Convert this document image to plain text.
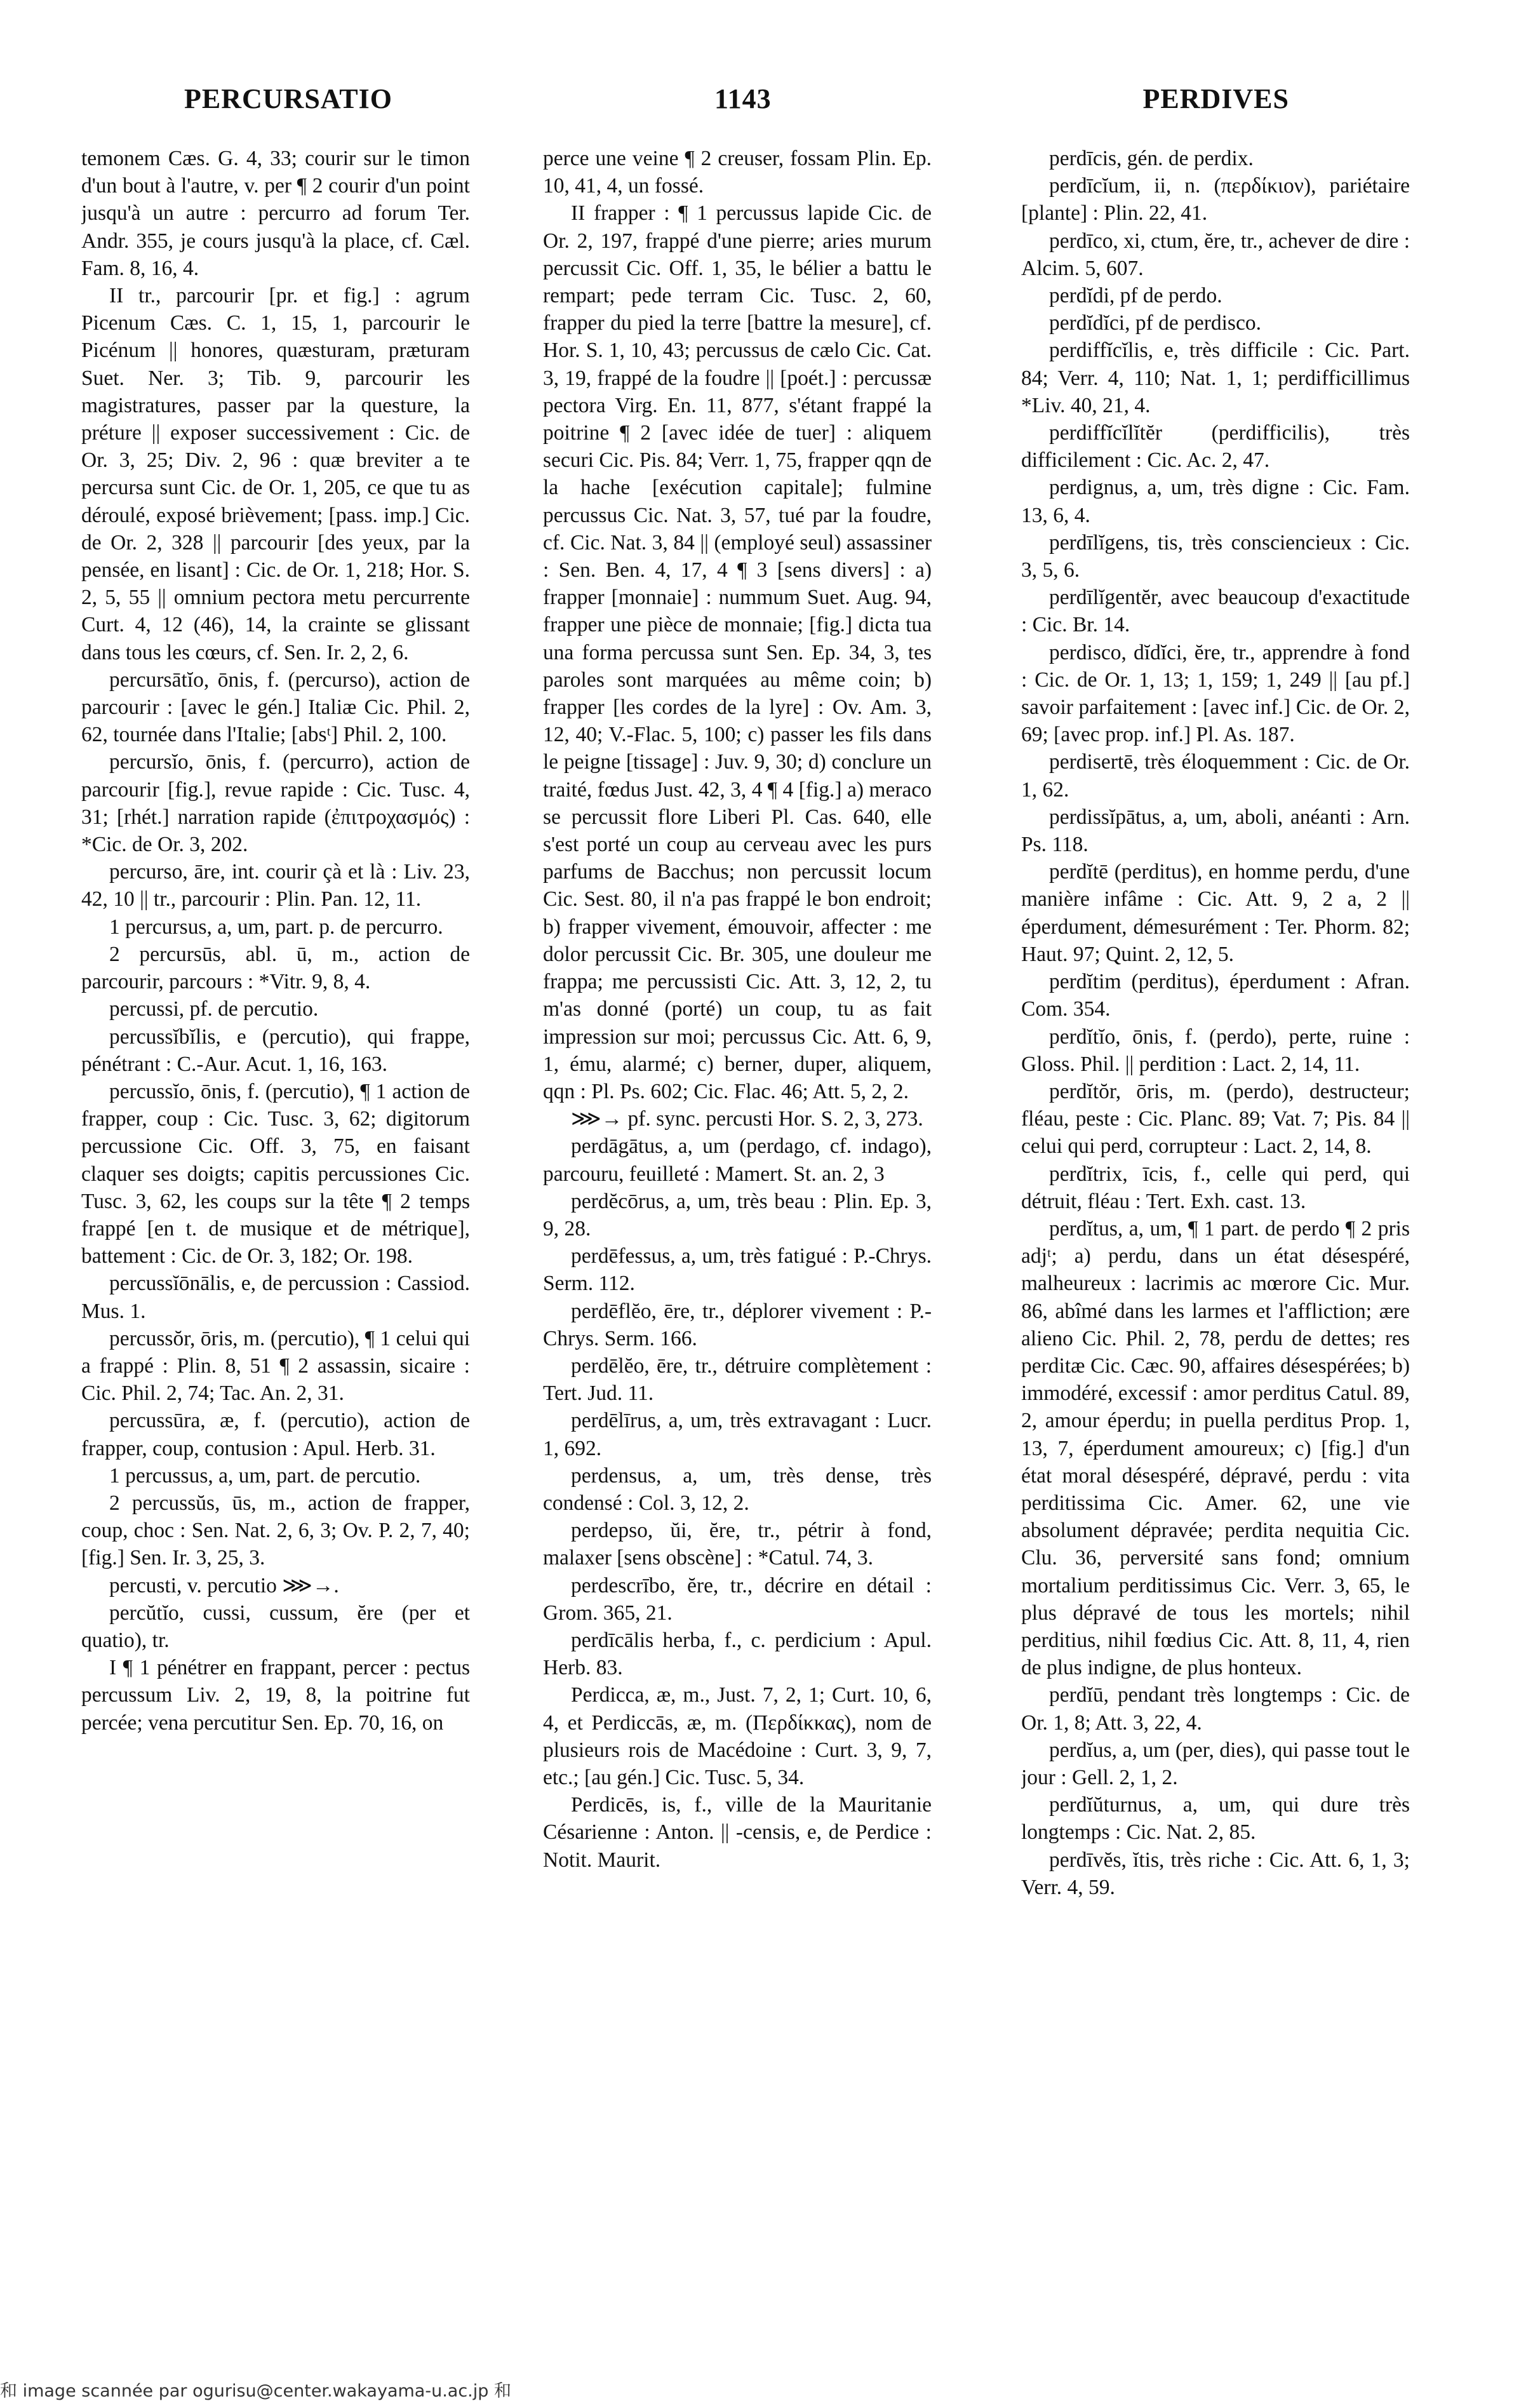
PERCURSATIO	1143	PERDIVES

temonem Cæs. G. 4, 33; courir sur le timon d'un bout à l'autre, v. per ¶ 2 courir d'un point jusqu'à un autre : percurro ad forum Ter. Andr. 355, je cours jusqu'à la place, cf. Cæl. Fam. 8, 16, 4.

II tr., parcourir [pr. et fig.] : agrum Picenum Cæs. C. 1, 15, 1, parcourir le Picénum || honores, quæsturam, præturam Suet. Ner. 3; Tib. 9, parcourir les magistratures, passer par la questure, la préture || exposer successivement : Cic. de Or. 3, 25; Div. 2, 96 : quæ breviter a te percursa sunt Cic. de Or. 1, 205, ce que tu as déroulé, exposé brièvement; [pass. imp.] Cic. de Or. 2, 328 || parcourir [des yeux, par la pensée, en lisant] : Cic. de Or. 1, 218; Hor. S. 2, 5, 55 || omnium pectora metu percurrente Curt. 4, 12 (46), 14, la crainte se glissant dans tous les cœurs, cf. Sen. Ir. 2, 2, 6.

percursātĭo, ōnis, f. (percurso), action de parcourir : [avec le gén.] Italiæ Cic. Phil. 2, 62, tournée dans l'Italie; [absᵗ] Phil. 2, 100.

percursĭo, ōnis, f. (percurro), action de parcourir [fig.], revue rapide : Cic. Tusc. 4, 31; [rhét.] narration rapide (ἐπιτροχασμός) : *Cic. de Or. 3, 202.

percurso, āre, int. courir çà et là : Liv. 23, 42, 10 || tr., parcourir : Plin. Pan. 12, 11.

1 percursus, a, um, part. p. de percurro.

2 percursūs, abl. ū, m., action de parcourir, parcours : *Vitr. 9, 8, 4.

percussi, pf. de percutio.

percussĭbĭlis, e (percutio), qui frappe, pénétrant : C.-Aur. Acut. 1, 16, 163.

percussĭo, ōnis, f. (percutio), ¶ 1 action de frapper, coup : Cic. Tusc. 3, 62; digitorum percussione Cic. Off. 3, 75, en faisant claquer ses doigts; capitis percussiones Cic. Tusc. 3, 62, les coups sur la tête ¶ 2 temps frappé [en t. de musique et de métrique], battement : Cic. de Or. 3, 182; Or. 198.

percussĭōnālis, e, de percussion : Cassiod. Mus. 1.

percussŏr, ōris, m. (percutio), ¶ 1 celui qui a frappé : Plin. 8, 51 ¶ 2 assassin, sicaire : Cic. Phil. 2, 74; Tac. An. 2, 31.

percussūra, æ, f. (percutio), action de frapper, coup, contusion : Apul. Herb. 31.

1 percussus, a, um, part. de percutio.

2 percussŭs, ūs, m., action de frapper, coup, choc : Sen. Nat. 2, 6, 3; Ov. P. 2, 7, 40; [fig.] Sen. Ir. 3, 25, 3.

percusti, v. percutio ⋙→.

percŭtĭo, cussi, cussum, ĕre (per et quatio), tr.

I ¶ 1 pénétrer en frappant, percer : pectus percussum Liv. 2, 19, 8, la poitrine fut percée; vena percutitur Sen. Ep. 70, 16, on

perce une veine ¶ 2 creuser, fossam Plin. Ep. 10, 41, 4, un fossé.

II frapper : ¶ 1 percussus lapide Cic. de Or. 2, 197, frappé d'une pierre; aries murum percussit Cic. Off. 1, 35, le bélier a battu le rempart; pede terram Cic. Tusc. 2, 60, frapper du pied la terre [battre la mesure], cf. Hor. S. 1, 10, 43; percussus de cælo Cic. Cat. 3, 19, frappé de la foudre || [poét.] : percussæ pectora Virg. En. 11, 877, s'étant frappé la poitrine ¶ 2 [avec idée de tuer] : aliquem securi Cic. Pis. 84; Verr. 1, 75, frapper qqn de la hache [exécution capitale]; fulmine percussus Cic. Nat. 3, 57, tué par la foudre, cf. Cic. Nat. 3, 84 || (employé seul) assassiner : Sen. Ben. 4, 17, 4 ¶ 3 [sens divers] : a) frapper [monnaie] : nummum Suet. Aug. 94, frapper une pièce de monnaie; [fig.] dicta tua una forma percussa sunt Sen. Ep. 34, 3, tes paroles sont marquées au même coin; b) frapper [les cordes de la lyre] : Ov. Am. 3, 12, 40; V.-Flac. 5, 100; c) passer les fils dans le peigne [tissage] : Juv. 9, 30; d) conclure un traité, fœdus Just. 42, 3, 4 ¶ 4 [fig.] a) meraco se percussit flore Liberi Pl. Cas. 640, elle s'est porté un coup au cerveau avec les purs parfums de Bacchus; non percussit locum Cic. Sest. 80, il n'a pas frappé le bon endroit; b) frapper vivement, émouvoir, affecter : me dolor percussit Cic. Br. 305, une douleur me frappa; me percussisti Cic. Att. 3, 12, 2, tu m'as donné (porté) un coup, tu as fait impression sur moi; percussus Cic. Att. 6, 9, 1, ému, alarmé; c) berner, duper, aliquem, qqn : Pl. Ps. 602; Cic. Flac. 46; Att. 5, 2, 2.

⋙→ pf. sync. percusti Hor. S. 2, 3, 273.

perdāgātus, a, um (perdago, cf. indago), parcouru, feuilleté : Mamert. St. an. 2, 3

perdĕcōrus, a, um, très beau : Plin. Ep. 3, 9, 28.

perdēfessus, a, um, très fatigué : P.-Chrys. Serm. 112.

perdēflĕo, ēre, tr., déplorer vivement : P.-Chrys. Serm. 166.

perdēlĕo, ēre, tr., détruire complètement : Tert. Jud. 11.

perdēlīrus, a, um, très extravagant : Lucr. 1, 692.

perdensus, a, um, très dense, très condensé : Col. 3, 12, 2.

perdepso, ŭi, ĕre, tr., pétrir à fond, malaxer [sens obscène] : *Catul. 74, 3.

perdescrībo, ĕre, tr., décrire en détail : Grom. 365, 21.

perdīcālis herba, f., c. perdicium : Apul. Herb. 83.

Perdicca, æ, m., Just. 7, 2, 1; Curt. 10, 6, 4, et Perdiccās, æ, m. (Περδίκκας), nom de plusieurs rois de Macédoine : Curt. 3, 9, 7, etc.; [au gén.] Cic. Tusc. 5, 34.

Perdicēs, is, f., ville de la Mauritanie Césarienne : Anton. || -censis, e, de Perdice : Notit. Maurit.

perdīcis, gén. de perdix.

perdīcĭum, ii, n. (περδίκιον), pariétaire [plante] : Plin. 22, 41.

perdīco, xi, ctum, ĕre, tr., achever de dire : Alcim. 5, 607.

perdĭdi, pf de perdo.

perdĭdĭci, pf de perdisco.

perdiffĭcĭlis, e, très difficile : Cic. Part. 84; Verr. 4, 110; Nat. 1, 1; perdifficillimus *Liv. 40, 21, 4.

perdiffĭcĭlĭtĕr (perdifficilis), très difficilement : Cic. Ac. 2, 47.

perdignus, a, um, très digne : Cic. Fam. 13, 6, 4.

perdīlĭgens, tis, très consciencieux : Cic. 3, 5, 6.

perdīlĭgentĕr, avec beaucoup d'exactitude : Cic. Br. 14.

perdisco, dĭdĭci, ĕre, tr., apprendre à fond : Cic. de Or. 1, 13; 1, 159; 1, 249 || [au pf.] savoir parfaitement : [avec inf.] Cic. de Or. 2, 69; [avec prop. inf.] Pl. As. 187.

perdisertē, très éloquemment : Cic. de Or. 1, 62.

perdissĭpātus, a, um, aboli, anéanti : Arn. Ps. 118.

perdĭtē (perditus), en homme perdu, d'une manière infâme : Cic. Att. 9, 2 a, 2 || éperdument, démesurément : Ter. Phorm. 82; Haut. 97; Quint. 2, 12, 5.

perdĭtim (perditus), éperdument : Afran. Com. 354.

perdĭtĭo, ōnis, f. (perdo), perte, ruine : Gloss. Phil. || perdition : Lact. 2, 14, 11.

perdĭtŏr, ōris, m. (perdo), destructeur; fléau, peste : Cic. Planc. 89; Vat. 7; Pis. 84 || celui qui perd, corrupteur : Lact. 2, 14, 8.

perdĭtrix, īcis, f., celle qui perd, qui détruit, fléau : Tert. Exh. cast. 13.

perdĭtus, a, um, ¶ 1 part. de perdo ¶ 2 pris adjᵗ; a) perdu, dans un état désespéré, malheureux : lacrimis ac mœrore Cic. Mur. 86, abîmé dans les larmes et l'affliction; ære alieno Cic. Phil. 2, 78, perdu de dettes; res perditæ Cic. Cæc. 90, affaires désespérées; b) immodéré, excessif : amor perditus Catul. 89, 2, amour éperdu; in puella perditus Prop. 1, 13, 7, éperdument amoureux; c) [fig.] d'un état moral désespéré, dépravé, perdu : vita perditissima Cic. Amer. 62, une vie absolument dépravée; perdita nequitia Cic. Clu. 36, perversité sans fond; omnium mortalium perditissimus Cic. Verr. 3, 65, le plus dépravé de tous les mortels; nihil perditius, nihil fœdius Cic. Att. 8, 11, 4, rien de plus indigne, de plus honteux.

perdĭū, pendant très longtemps : Cic. de Or. 1, 8; Att. 3, 22, 4.

perdĭus, a, um (per, dies), qui passe tout le jour : Gell. 2, 1, 2.

perdĭŭturnus, a, um, qui dure très longtemps : Cic. Nat. 2, 85.

perdīvĕs, ĭtis, très riche : Cic. Att. 6, 1, 3; Verr. 4, 59.

和 image scannée par ogurisu@center.wakayama-u.ac.jp 和
